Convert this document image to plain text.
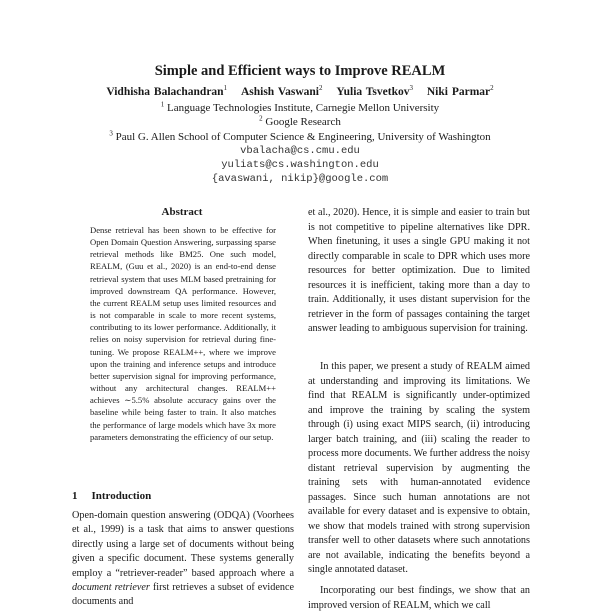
Simple and Efficient ways to Improve REALM
Vidhisha Balachandran$^1$ Ashish Vaswani$^2$ Yulia Tsvetkov$^3$ Niki Parmar$^2$
$^1$ Language Technologies Institute, Carnegie Mellon University
$^2$ Google Research
$^3$ Paul G. Allen School of Computer Science & Engineering, University of Washington
vbalacha@cs.cmu.edu
yuliats@cs.washington.edu
{avaswani, nikip}@google.com
Abstract
Dense retrieval has been shown to be effective for Open Domain Question Answering, surpassing sparse retrieval methods like BM25. One such model, REALM, (Guu et al., 2020) is an end-to-end dense retrieval system that uses MLM based pretraining for improved downstream QA performance. However, the current REALM setup uses limited resources and is not comparable in scale to more recent systems, contributing to its lower performance. Additionally, it relies on noisy supervision for retrieval during fine-tuning. We propose REALM++, where we improve upon the training and inference setups and introduce better supervision signal for improving performance, without any architectural changes. REALM++ achieves ∼5.5% absolute accuracy gains over the baseline while being faster to train. It also matches the performance of large models which have 3x more parameters demonstrating the efficiency of our setup.
1 Introduction
Open-domain question answering (ODQA) (Voorhees et al., 1999) is a task that aims to answer questions directly using a large set of documents without being given a specific document. These systems generally employ a “retriever-reader” based approach where a document retriever first retrieves a subset of evidence documents and
et al., 2020). Hence, it is simple and easier to train but is not competitive to pipeline alternatives like DPR. When finetuning, it uses a single GPU making it not directly comparable in scale to DPR which uses more resources for better optimization. Due to limited resources it is inefficient, taking more than a day to train. Additionally, it uses distant supervision for the retriever in the form of passages containing the target answer leading to ambiguous supervision for training.
In this paper, we present a study of REALM aimed at understanding and improving its limitations. We find that REALM is significantly under-optimized and improve the training by scaling the system through (i) using exact MIPS search, (ii) introducing larger batch training, and (iii) scaling the reader to process more documents. We further address the noisy distant retrieval supervision by augmenting the training sets with human-annotated evidence passages. Since such human annotations are not available for every dataset and is expensive to obtain, we show that models trained with strong supervision transfer well to other datasets where such annotations are not available, indicating the benefits beyond a single annotated dataset.
Incorporating our best findings, we show that an improved version of REALM, which we call
